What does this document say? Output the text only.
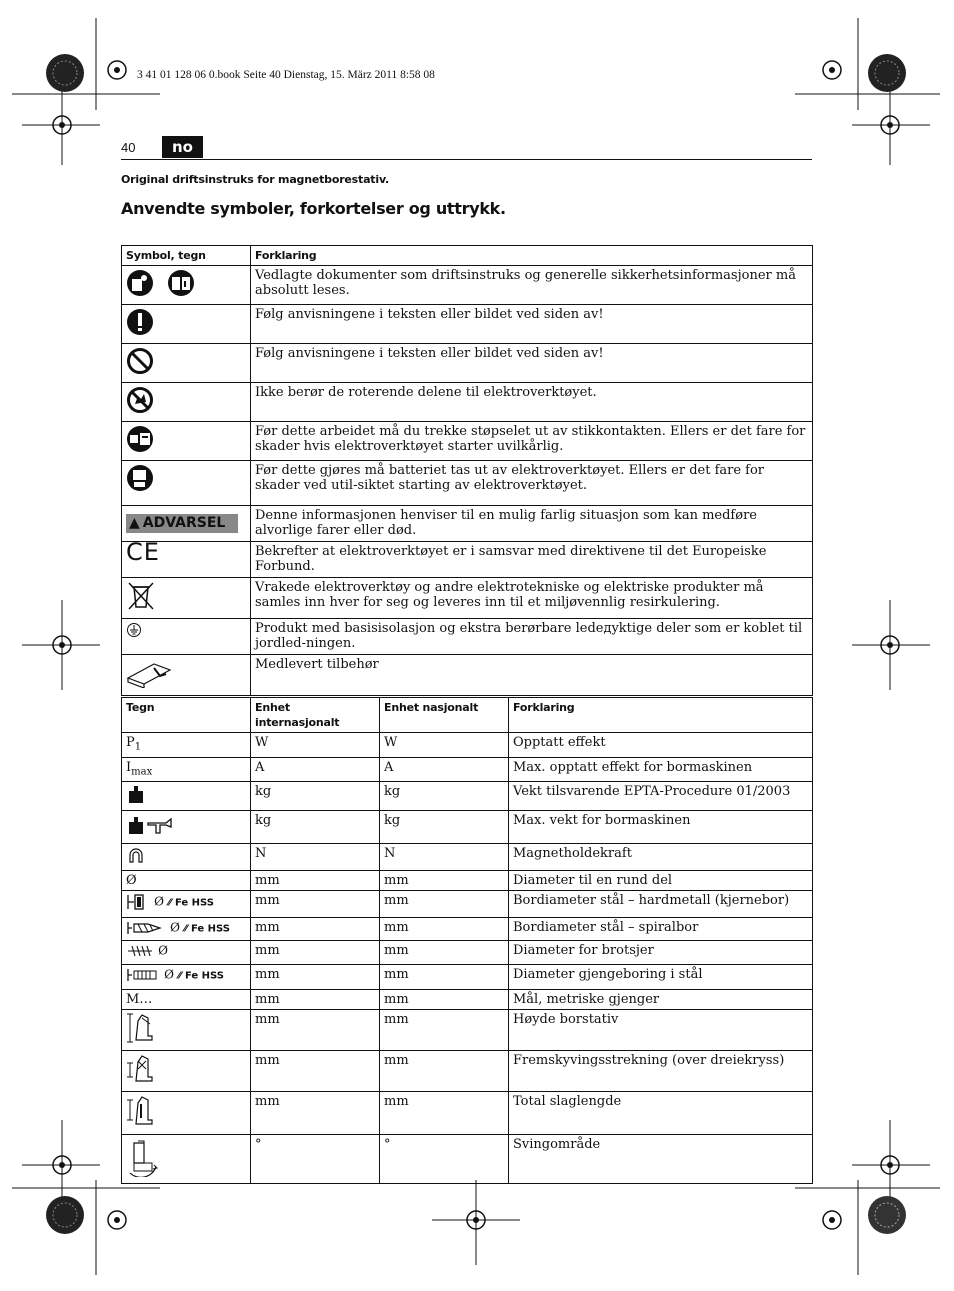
3 41 01 128 06 0.book Seite 40 Dienstag, 15. März 2011 8:58 08
40	no
Original driftsinstruks for magnetborestativ.
Anvendte symboler, forkortelser og uttrykk.
Symbol, tegn	Forklaring
	Vedlagte dokumenter som driftsinstruks og generelle sikkerhetsinformasjoner må absolutt leses.
	Følg anvisningene i teksten eller bildet ved siden av!
	Følg anvisningene i teksten eller bildet ved siden av!
	Ikke berør de roterende delene til elektroverktøyet.
	Før dette arbeidet må du trekke støpselet ut av stikkontakten. Ellers er det fare for skader hvis elektroverktøyet starter uvilkårlig.
	Før dette gjøres må batteriet tas ut av elektroverktøyet. Ellers er det fare for skader ved util-siktet starting av elektroverktøyet.

▲ ADVARSEL	Denne informasjonen henviser til en mulig farlig situasjon som kan medføre alvorlige farer eller død.
CE	Bekrefter at elektroverktøyet er i samsvar med direktivene til det Europeiske Forbund.
	Vrakede elektroverktøy og andre elektrotekniske og elektriske produkter må samles inn hver for seg og leveres inn til et miljøvennlig resirkulering.
	Produkt med basisisolasjon og ekstra berørbare ledeдyktige deler som er koblet til jordled-ningen.
	Medlevert tilbehør
Tegn	Enhet internasjonalt	Enhet nasjonalt	Forklaring
$P_1$	W	W	Opptatt effekt
$I_{max}$	A	A	Max. opptatt effekt for bormaskinen
	kg	kg	Vekt tilsvarende EPTA-Procedure 01/2003
	kg	kg	Max. vekt for bormaskinen
	N	N	Magnetholdekraft
Ø	mm	mm	Diameter til en rund del
Ø ⁄⁄ Fe HSS	mm	mm	Bordiameter stål – hardmetall (kjernebor)
Ø ⁄⁄ Fe HSS	mm	mm	Bordiameter stål – spiralbor
Ø	mm	mm	Diameter for brotsjer
Ø ⁄⁄ Fe HSS	mm	mm	Diameter gjengeboring i stål
M…	mm	mm	Mål, metriske gjenger
	mm	mm	Høyde borstativ
	mm	mm	Fremskyvingsstrekning (over dreiekryss)
	mm	mm	Total slaglengde
	°	°	Svingområde
